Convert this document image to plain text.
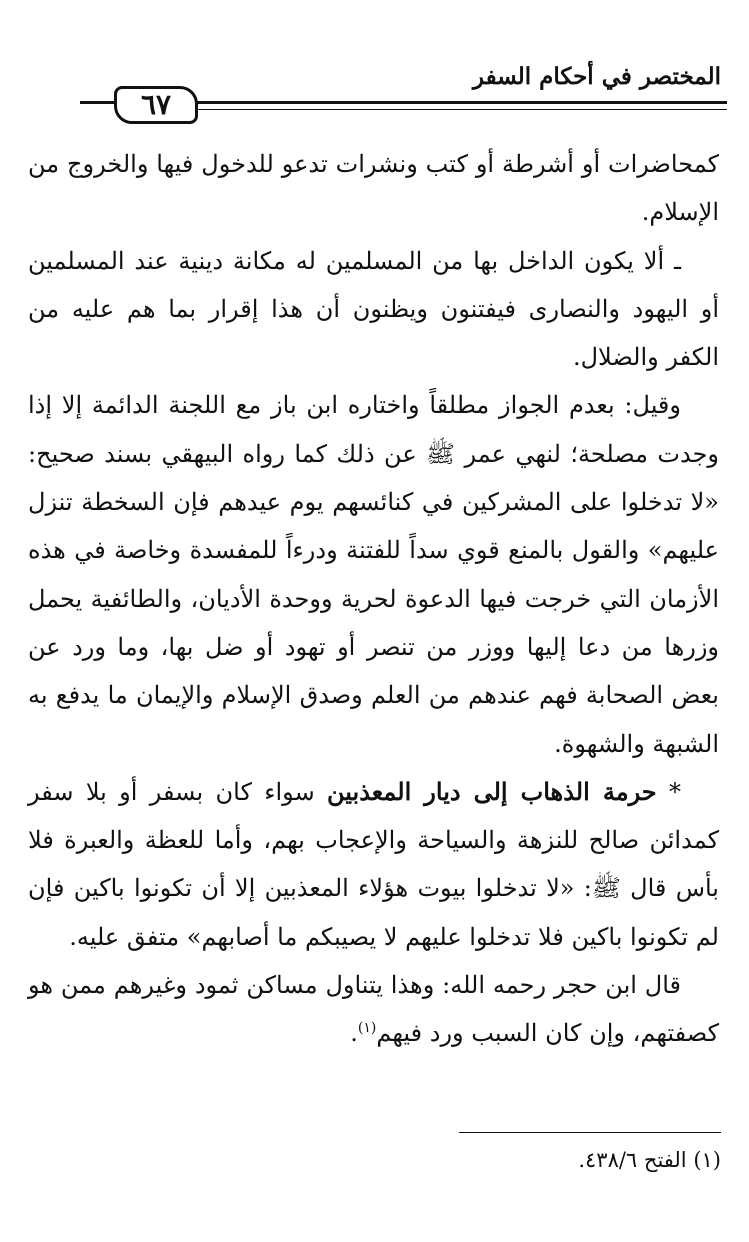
المختصر في أحكام السفر
٦٧

كمحاضرات أو أشرطة أو كتب ونشرات تدعو للدخول فيها والخروج من الإسلام.

ـ ألا يكون الداخل بها من المسلمين له مكانة دينية عند المسلمين أو اليهود والنصارى فيفتنون ويظنون أن هذا إقرار بما هم عليه من الكفر والضلال.

وقيل: بعدم الجواز مطلقاً واختاره ابن باز مع اللجنة الدائمة إلا إذا وجدت مصلحة؛ لنهي عمر ﷺ عن ذلك كما رواه البيهقي بسند صحيح: «لا تدخلوا على المشركين في كنائسهم يوم عيدهم فإن السخطة تنزل عليهم» والقول بالمنع قوي سداً للفتنة ودرءاً للمفسدة وخاصة في هذه الأزمان التي خرجت فيها الدعوة لحرية ووحدة الأديان، والطائفية يحمل وزرها من دعا إليها ووزر من تنصر أو تهود أو ضل بها، وما ورد عن بعض الصحابة فهم عندهم من العلم وصدق الإسلام والإيمان ما يدفع به الشبهة والشهوة.

* حرمة الذهاب إلى ديار المعذبين سواء كان بسفر أو بلا سفر كمدائن صالح للنزهة والسياحة والإعجاب بهم، وأما للعظة والعبرة فلا بأس قال ﷺ: «لا تدخلوا بيوت هؤلاء المعذبين إلا أن تكونوا باكين فإن لم تكونوا باكين فلا تدخلوا عليهم لا يصيبكم ما أصابهم» متفق عليه.

قال ابن حجر رحمه الله: وهذا يتناول مساكن ثمود وغيرهم ممن هو كصفتهم، وإن كان السبب ورد فيهم$^{(١)}$.

(١) الفتح ٤٣٨/٦.
